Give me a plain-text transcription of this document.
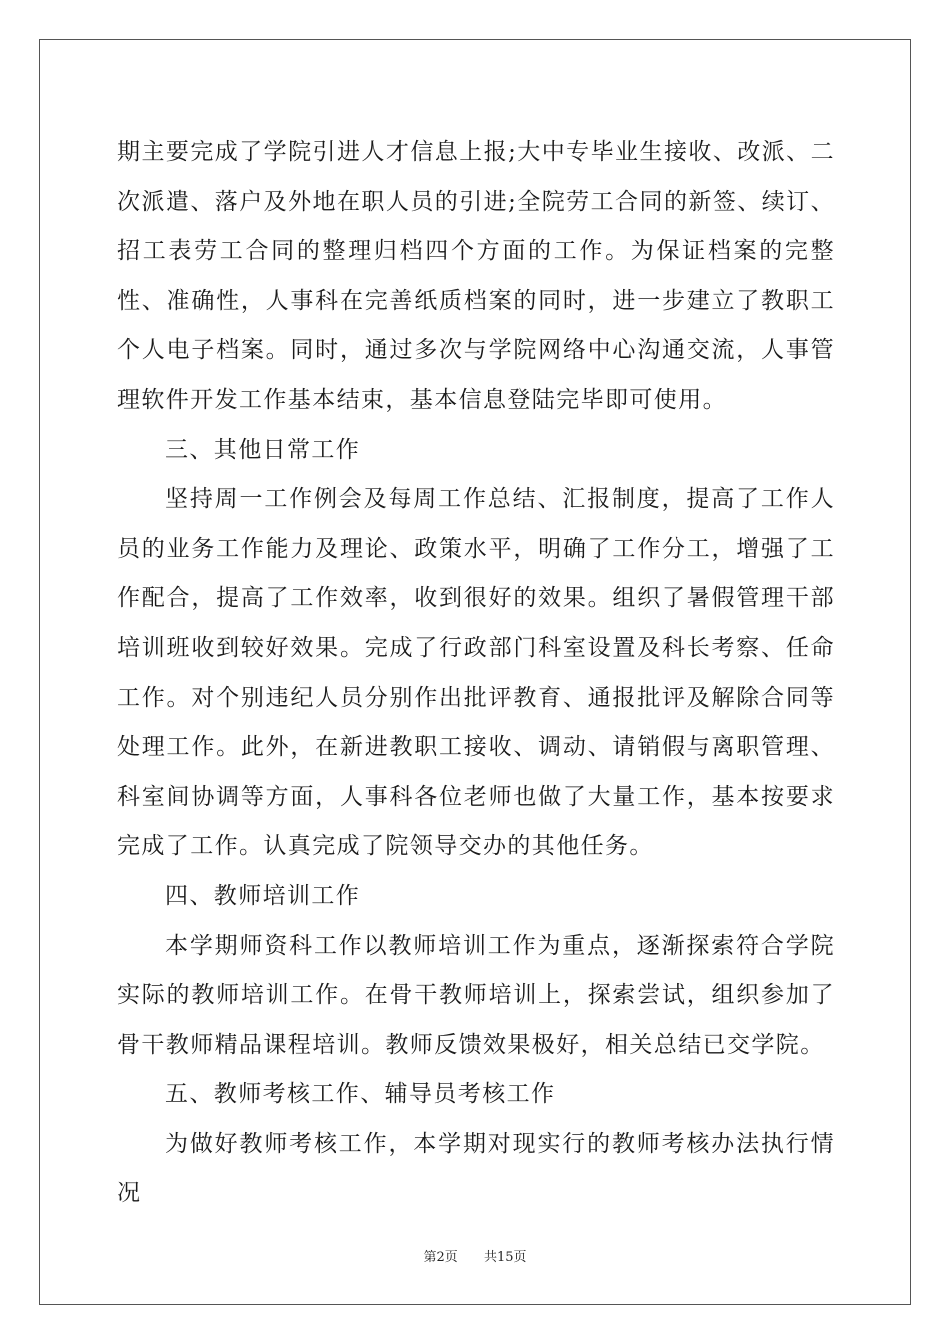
期主要完成了学院引进人才信息上报;大中专毕业生接收、改派、二次派遣、落户及外地在职人员的引进;全院劳工合同的新签、续订、招工表劳工合同的整理归档四个方面的工作。为保证档案的完整性、准确性，人事科在完善纸质档案的同时，进一步建立了教职工个人电子档案。同时，通过多次与学院网络中心沟通交流，人事管理软件开发工作基本结束，基本信息登陆完毕即可使用。

三、其他日常工作

坚持周一工作例会及每周工作总结、汇报制度，提高了工作人员的业务工作能力及理论、政策水平，明确了工作分工，增强了工作配合，提高了工作效率，收到很好的效果。组织了暑假管理干部培训班收到较好效果。完成了行政部门科室设置及科长考察、任命工作。对个别违纪人员分别作出批评教育、通报批评及解除合同等处理工作。此外，在新进教职工接收、调动、请销假与离职管理、科室间协调等方面，人事科各位老师也做了大量工作，基本按要求完成了工作。认真完成了院领导交办的其他任务。

四、教师培训工作

本学期师资科工作以教师培训工作为重点，逐渐探索符合学院实际的教师培训工作。在骨干教师培训上，探索尝试，组织参加了骨干教师精品课程培训。教师反馈效果极好，相关总结已交学院。

五、教师考核工作、辅导员考核工作

为做好教师考核工作，本学期对现实行的教师考核办法执行情况

第2页 共15页
